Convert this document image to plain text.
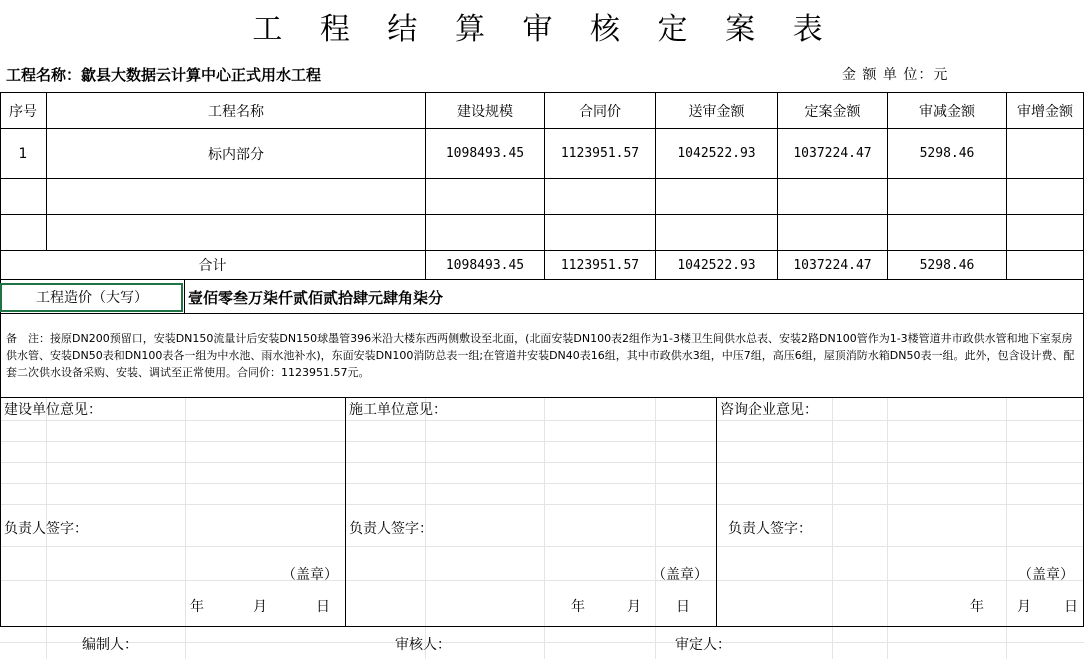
工 程 结 算 审 核 定 案 表
工程名称：歙县大数据云计算中心正式用水工程	金 额 单 位：元
序号	工程名称	建设规模	合同价	送审金额	定案金额	审减金额	审增金额
1	标内部分	1098493.45	1123951.57	1042522.93	1037224.47	5298.46
合计	1098493.45	1123951.57	1042522.93	1037224.47	5298.46
工程造价（大写）	壹佰零叁万柒仟贰佰贰拾肆元肆角柒分
备　注：接原DN200预留口，安装DN150流量计后安装DN150球墨管396米沿大楼东西两侧敷设至北面，(北面安装DN100表2组作为1-3楼卫生间供水总表、安装2路DN100管作为1-3楼管道井市政供水管和地下室泵房供水管、安装DN50表和DN100表各一组为中水池、雨水池补水)，东面安装DN100消防总表一组;在管道井安装DN40表16组，其中市政供水3组，中压7组，高压6组，屋顶消防水箱DN50表一组。此外，包含设计费、配套二次供水设备采购、安装、调试至正常使用。合同价：1123951.57元。
建设单位意见：	施工单位意见：	咨询企业意见：
负责人签字：	负责人签字：	负责人签字：
（盖章）	（盖章）	（盖章）
年	月	日	年	月	日	年 月 日
编制人：	审核人：	审定人：
